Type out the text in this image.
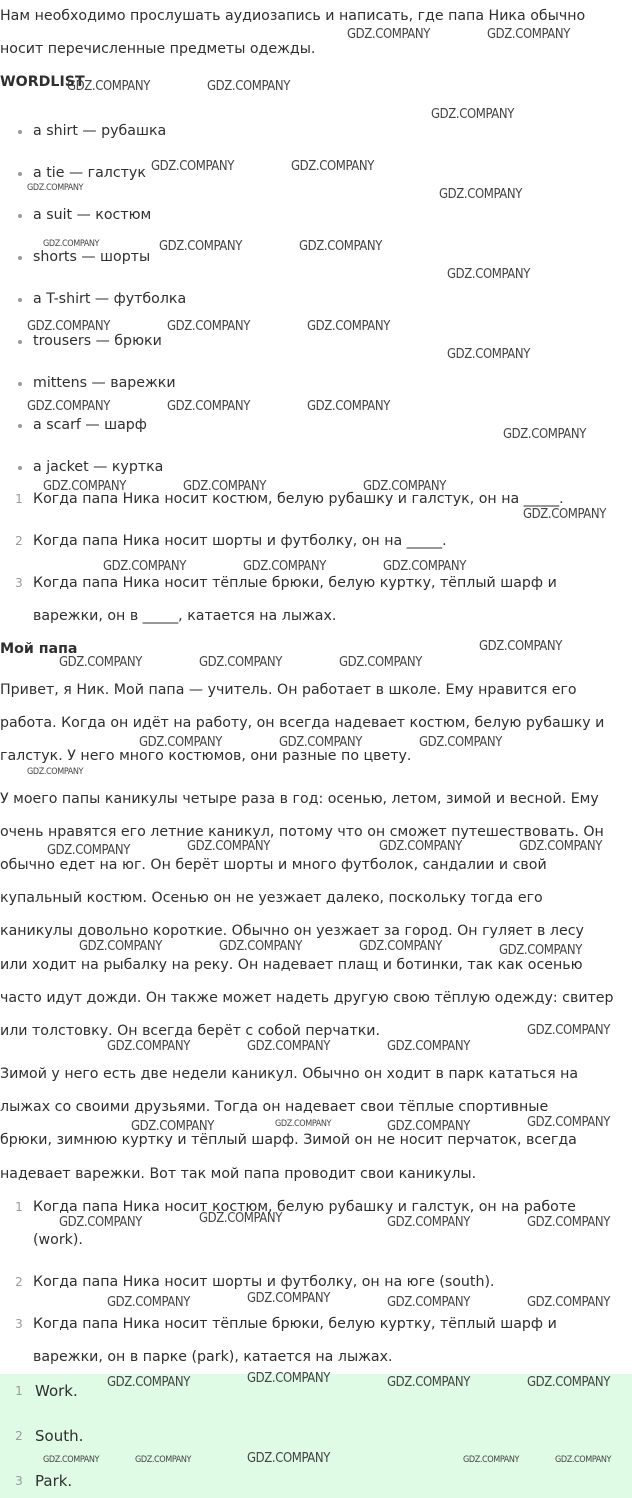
Нам необходимо прослушать аудиозапись и написать, где папа Ника обычно
носит перечисленные предметы одежды.
WORDLIST
a shirt — рубашка
a tie — галстук
a suit — костюм
shorts — шорты
a T-shirt — футболка
trousers — брюки
mittens — варежки
a scarf — шарф
a jacket — куртка
1 Когда папа Ника носит костюм, белую рубашку и галстук, он на _____.
2 Когда папа Ника носит шорты и футболку, он на _____.
3 Когда папа Ника носит тёплые брюки, белую куртку, тёплый шарф и
варежки, он в _____, катается на лыжах.
Мой папа
Привет, я Ник. Мой папа — учитель. Он работает в школе. Ему нравится его
работа. Когда он идёт на работу, он всегда надевает костюм, белую рубашку и
галстук. У него много костюмов, они разные по цвету.
У моего папы каникулы четыре раза в год: осенью, летом, зимой и весной. Ему
очень нравятся его летние каникул, потому что он сможет путешествовать. Он
обычно едет на юг. Он берёт шорты и много футболок, сандалии и свой
купальный костюм. Осенью он не уезжает далеко, поскольку тогда его
каникулы довольно короткие. Обычно он уезжает за город. Он гуляет в лесу
или ходит на рыбалку на реку. Он надевает плащ и ботинки, так как осенью
часто идут дожди. Он также может надеть другую свою тёплую одежду: свитер
или толстовку. Он всегда берёт с собой перчатки.
Зимой у него есть две недели каникул. Обычно он ходит в парк кататься на
лыжах со своими друзьями. Тогда он надевает свои тёплые спортивные
брюки, зимнюю куртку и тёплый шарф. Зимой он не носит перчаток, всегда
надевает варежки. Вот так мой папа проводит свои каникулы.
1 Когда папа Ника носит костюм, белую рубашку и галстук, он на работе
(work).
2 Когда папа Ника носит шорты и футболку, он на юге (south).
3 Когда папа Ника носит тёплые брюки, белую куртку, тёплый шарф и
варежки, он в парке (park), катается на лыжах.
1 Work.
2 South.
3 Park.
GDZ.COMPANY	GDZ.COMPANY
GDZ.COMPANY	GDZ.COMPANY
GDZ.COMPANY
GDZ.COMPANY	GDZ.COMPANY
GDZ.COMPANY	GDZ.COMPANY
GDZ.COMPANY	GDZ.COMPANY	GDZ.COMPANY
GDZ.COMPANY
GDZ.COMPANY	GDZ.COMPANY	GDZ.COMPANY
GDZ.COMPANY
GDZ.COMPANY	GDZ.COMPANY	GDZ.COMPANY
GDZ.COMPANY
GDZ.COMPANY	GDZ.COMPANY	GDZ.COMPANY
GDZ.COMPANY
GDZ.COMPANY	GDZ.COMPANY	GDZ.COMPANY
GDZ.COMPANY
GDZ.COMPANY	GDZ.COMPANY	GDZ.COMPANY
GDZ.COMPANY	GDZ.COMPANY	GDZ.COMPANY
GDZ.COMPANY
GDZ.COMPANY	GDZ.COMPANY	GDZ.COMPANY	GDZ.COMPANY
GDZ.COMPANY	GDZ.COMPANY	GDZ.COMPANY	GDZ.COMPANY
GDZ.COMPANY
GDZ.COMPANY	GDZ.COMPANY	GDZ.COMPANY
GDZ.COMPANY	GDZ.COMPANY	GDZ.COMPANY	GDZ.COMPANY
GDZ.COMPANY	GDZ.COMPANY	GDZ.COMPANY	GDZ.COMPANY
GDZ.COMPANY	GDZ.COMPANY	GDZ.COMPANY	GDZ.COMPANY
GDZ.COMPANY	GDZ.COMPANY	GDZ.COMPANY	GDZ.COMPANY
GDZ.COMPANY	GDZ.COMPANY	GDZ.COMPANY	GDZ.COMPANY	GDZ.COMPANY
